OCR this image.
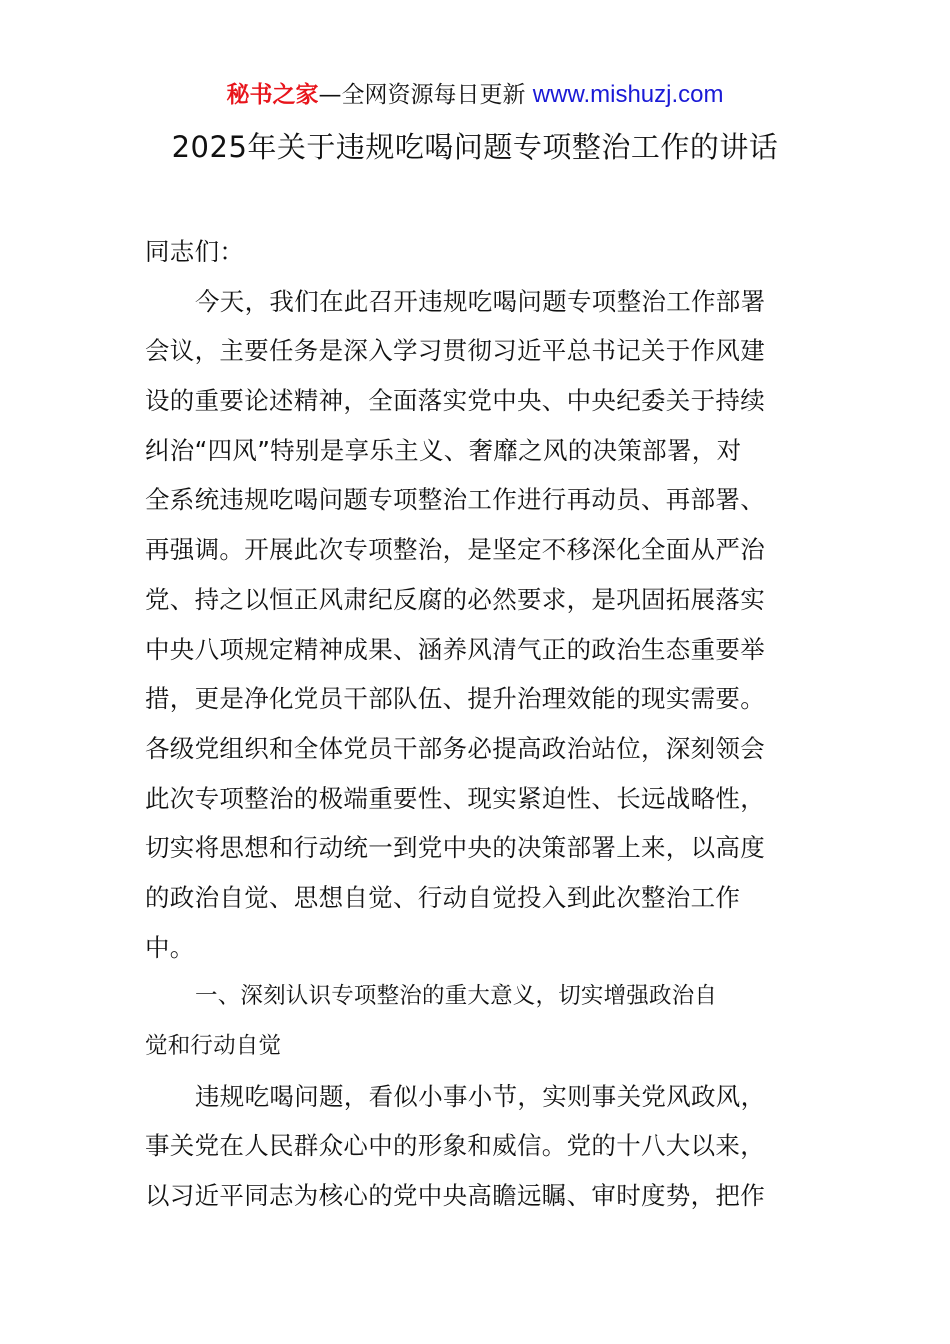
秘书之家—全网资源每日更新 www.mishuzj.com
2025年关于违规吃喝问题专项整治工作的讲话
同志们：
今天，我们在此召开违规吃喝问题专项整治工作部署
会议，主要任务是深入学习贯彻习近平总书记关于作风建
设的重要论述精神，全面落实党中央、中央纪委关于持续
纠治“四风”特别是享乐主义、奢靡之风的决策部署，对
全系统违规吃喝问题专项整治工作进行再动员、再部署、
再强调。开展此次专项整治，是坚定不移深化全面从严治
党、持之以恒正风肃纪反腐的必然要求，是巩固拓展落实
中央八项规定精神成果、涵养风清气正的政治生态重要举
措，更是净化党员干部队伍、提升治理效能的现实需要。
各级党组织和全体党员干部务必提高政治站位，深刻领会
此次专项整治的极端重要性、现实紧迫性、长远战略性，
切实将思想和行动统一到党中央的决策部署上来，以高度
的政治自觉、思想自觉、行动自觉投入到此次整治工作
中。
一、深刻认识专项整治的重大意义，切实增强政治自
觉和行动自觉
违规吃喝问题，看似小事小节，实则事关党风政风，
事关党在人民群众心中的形象和威信。党的十八大以来，
以习近平同志为核心的党中央高瞻远瞩、审时度势，把作
